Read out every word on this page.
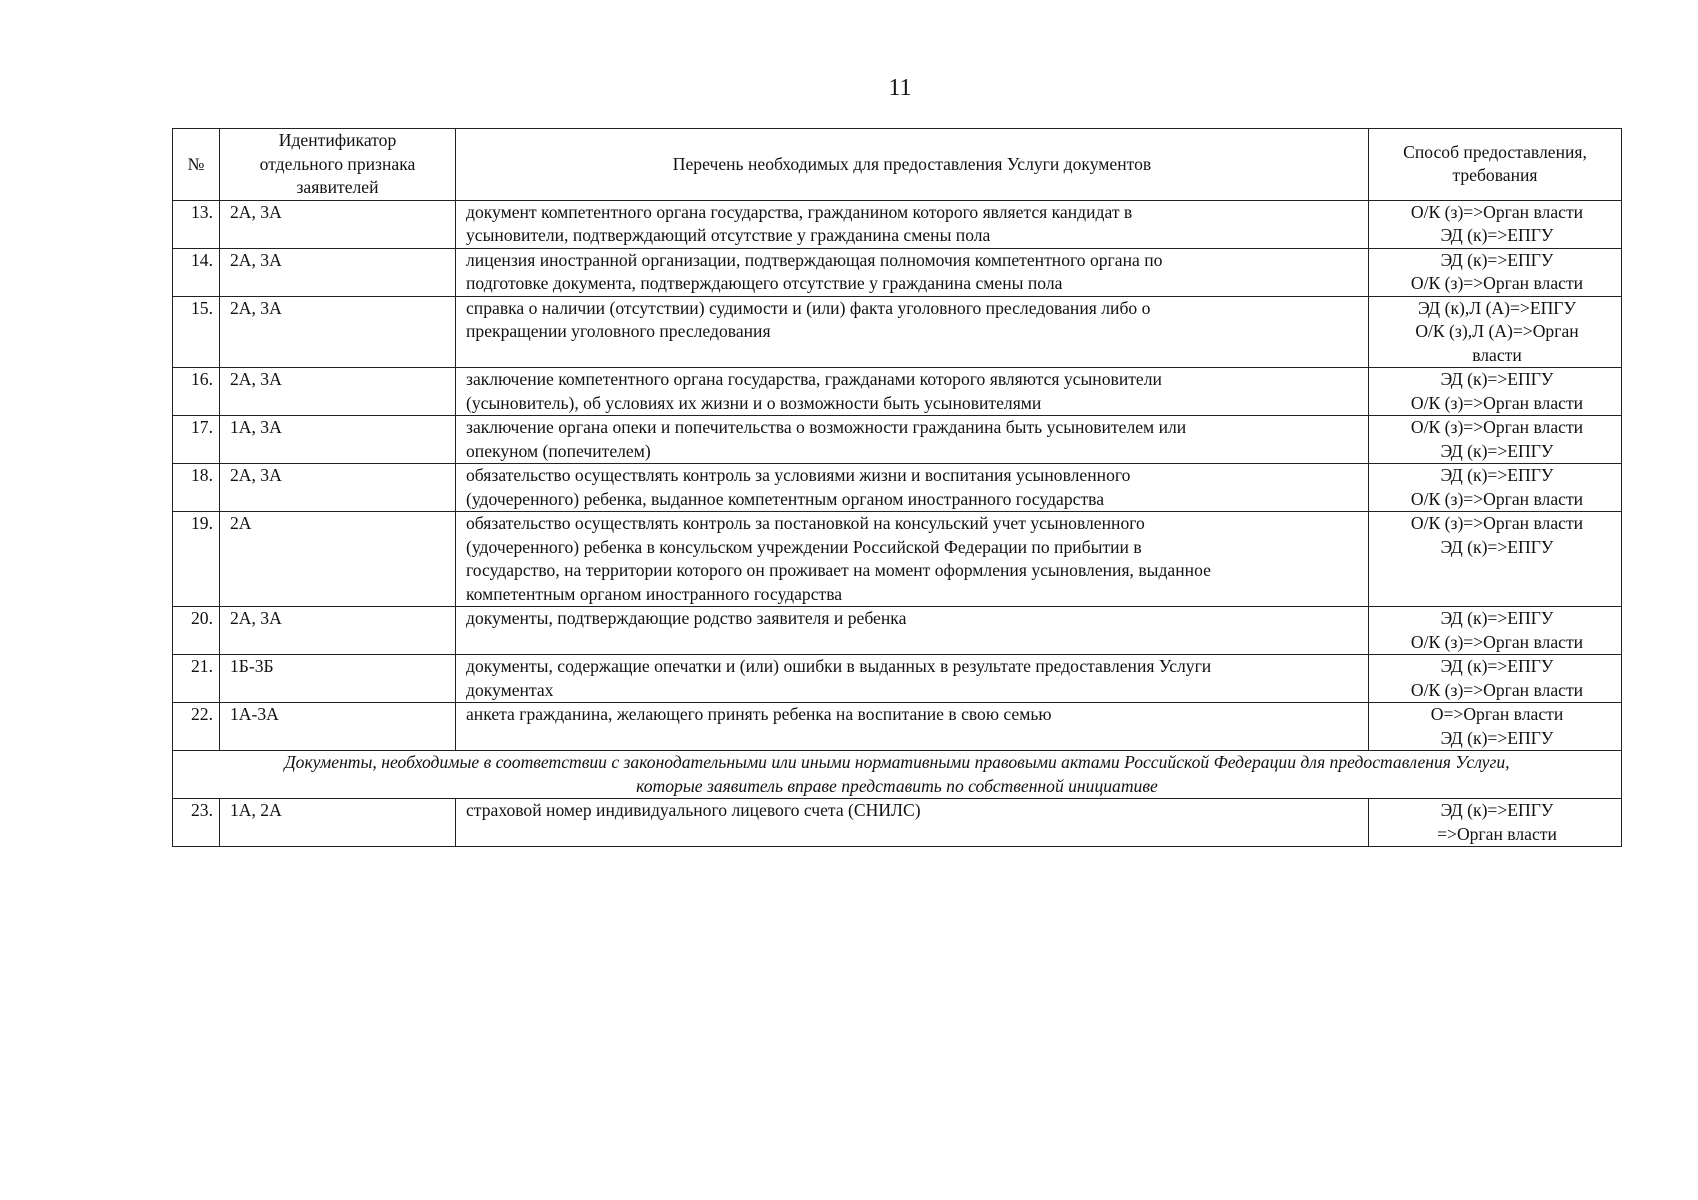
11
№	Идентификатор
отдельного признака
заявителей	Перечень необходимых для предоставления Услуги документов	Способ предоставления,
требования

13.	2А, 3А	документ компетентного органа государства, гражданином которого является кандидат в
усыновители, подтверждающий отсутствие у гражданина смены пола	О/К (з)=>Орган власти
ЭД (к)=>ЕПГУ

14.	2А, 3А	лицензия иностранной организации, подтверждающая полномочия компетентного органа по
подготовке документа, подтверждающего отсутствие у гражданина смены пола	ЭД (к)=>ЕПГУ
О/К (з)=>Орган власти

15.	2А, 3А	справка о наличии (отсутствии) судимости и (или) факта уголовного преследования либо о
прекращении уголовного преследования	ЭД (к),Л (А)=>ЕПГУ
О/К (з),Л (А)=>Орган
власти

16.	2А, 3А	заключение компетентного органа государства, гражданами которого являются усыновители
(усыновитель), об условиях их жизни и о возможности быть усыновителями	ЭД (к)=>ЕПГУ
О/К (з)=>Орган власти

17.	1А, 3А	заключение органа опеки и попечительства о возможности гражданина быть усыновителем или
опекуном (попечителем)	О/К (з)=>Орган власти
ЭД (к)=>ЕПГУ

18.	2А, 3А	обязательство осуществлять контроль за условиями жизни и воспитания усыновленного
(удочеренного) ребенка, выданное компетентным органом иностранного государства	ЭД (к)=>ЕПГУ
О/К (з)=>Орган власти

19.	2А	обязательство осуществлять контроль за постановкой на консульский учет усыновленного
(удочеренного) ребенка в консульском учреждении Российской Федерации по прибытии в
государство, на территории которого он проживает на момент оформления усыновления, выданное
компетентным органом иностранного государства	О/К (з)=>Орган власти
ЭД (к)=>ЕПГУ

20.	2А, 3А	документы, подтверждающие родство заявителя и ребенка	ЭД (к)=>ЕПГУ
О/К (з)=>Орган власти

21.	1Б-3Б	документы, содержащие опечатки и (или) ошибки в выданных в результате предоставления Услуги
документах	ЭД (к)=>ЕПГУ
О/К (з)=>Орган власти

22.	1А-3А	анкета гражданина, желающего принять ребенка на воспитание в свою семью	О=>Орган власти
ЭД (к)=>ЕПГУ

Документы, необходимые в соответствии с законодательными или иными нормативными правовыми актами Российской Федерации для предоставления Услуги,
которые заявитель вправе представить по собственной инициативе			

23.	1А, 2А	страховой номер индивидуального лицевого счета (СНИЛС)	ЭД (к)=>ЕПГУ
=>Орган власти
